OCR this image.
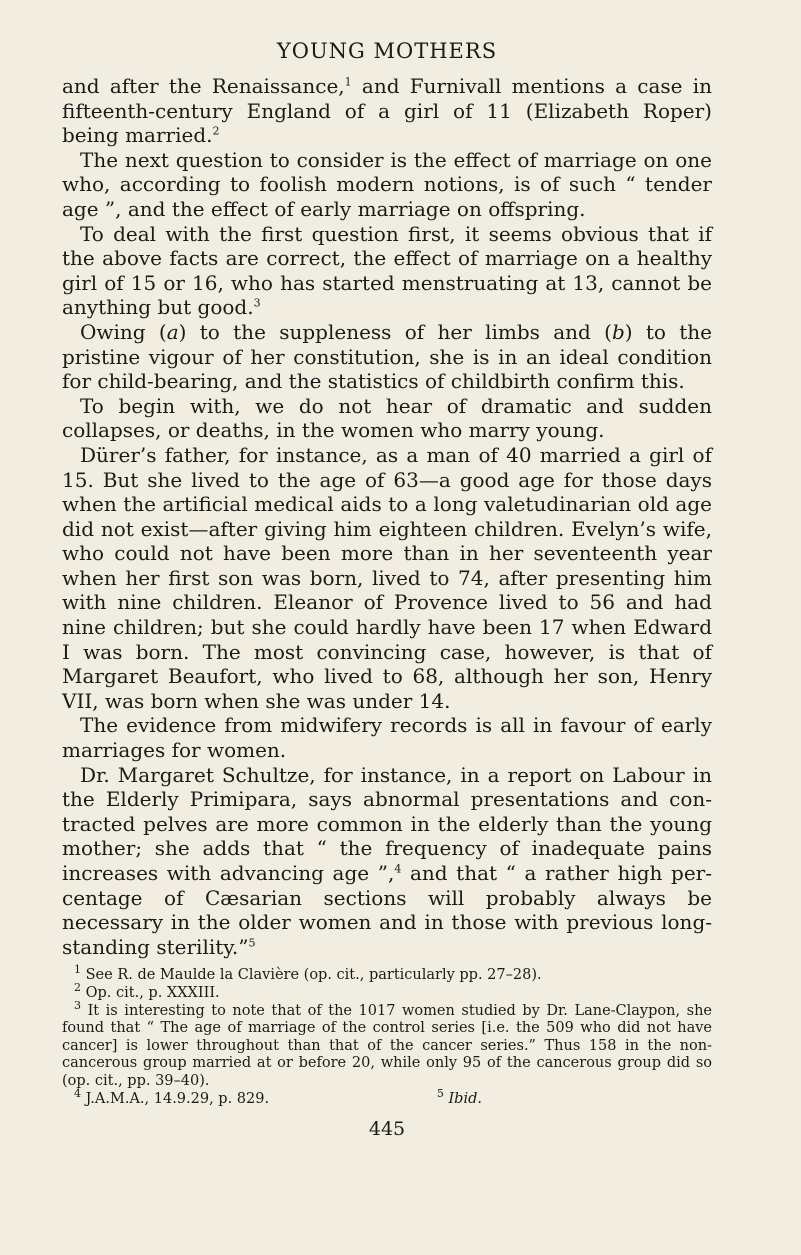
YOUNG MOTHERS

and after the Renaissance,$^1$ and Furnivall mentions a case in fifteenth-century England of a girl of 11 (Elizabeth Roper) being married.$^2$

The next question to consider is the effect of marriage on one who, according to foolish modern notions, is of such “ tender age ”, and the effect of early marriage on offspring.

To deal with the first question first, it seems obvious that if the above facts are correct, the effect of marriage on a healthy girl of 15 or 16, who has started menstruating at 13, cannot be anything but good.$^3$

Owing (a) to the suppleness of her limbs and (b) to the pristine vigour of her constitution, she is in an ideal condition for child-bearing, and the statistics of childbirth confirm this.

To begin with, we do not hear of dramatic and sudden collapses, or deaths, in the women who marry young.

Dürer’s father, for instance, as a man of 40 married a girl of 15. But she lived to the age of 63—a good age for those days when the artificial medical aids to a long valetudinarian old age did not exist—after giving him eighteen children. Evelyn’s wife, who could not have been more than in her seventeenth year when her first son was born, lived to 74, after presenting him with nine children. Eleanor of Provence lived to 56 and had nine children; but she could hardly have been 17 when Edward I was born. The most convincing case, however, is that of Margaret Beaufort, who lived to 68, although her son, Henry VII, was born when she was under 14.

The evidence from midwifery records is all in favour of early marriages for women.

Dr. Margaret Schultze, for instance, in a report on Labour in the Elderly Primipara, says abnormal presentations and con-tracted pelves are more common in the elderly than the young mother; she adds that “ the frequency of inadequate pains increases with advancing age ”,$^4$ and that “ a rather high per-centage of Cæsarian sections will probably always be necessary in the older women and in those with previous long-standing sterility.”$^5$

$^1$ See R. de Maulde la Clavière (op. cit., particularly pp. 27–28).

$^2$ Op. cit., p. XXXIII.

$^3$ It is interesting to note that of the 1017 women studied by Dr. Lane-Claypon, she found that “ The age of marriage of the control series [i.e. the 509 who did not have cancer] is lower throughout than that of the cancer series.” Thus 158 in the non-cancerous group married at or before 20, while only 95 of the cancerous group did so (op. cit., pp. 39–40).

$^4$ J.A.M.A., 14.9.29, p. 829.	$^5$ Ibid.
445
